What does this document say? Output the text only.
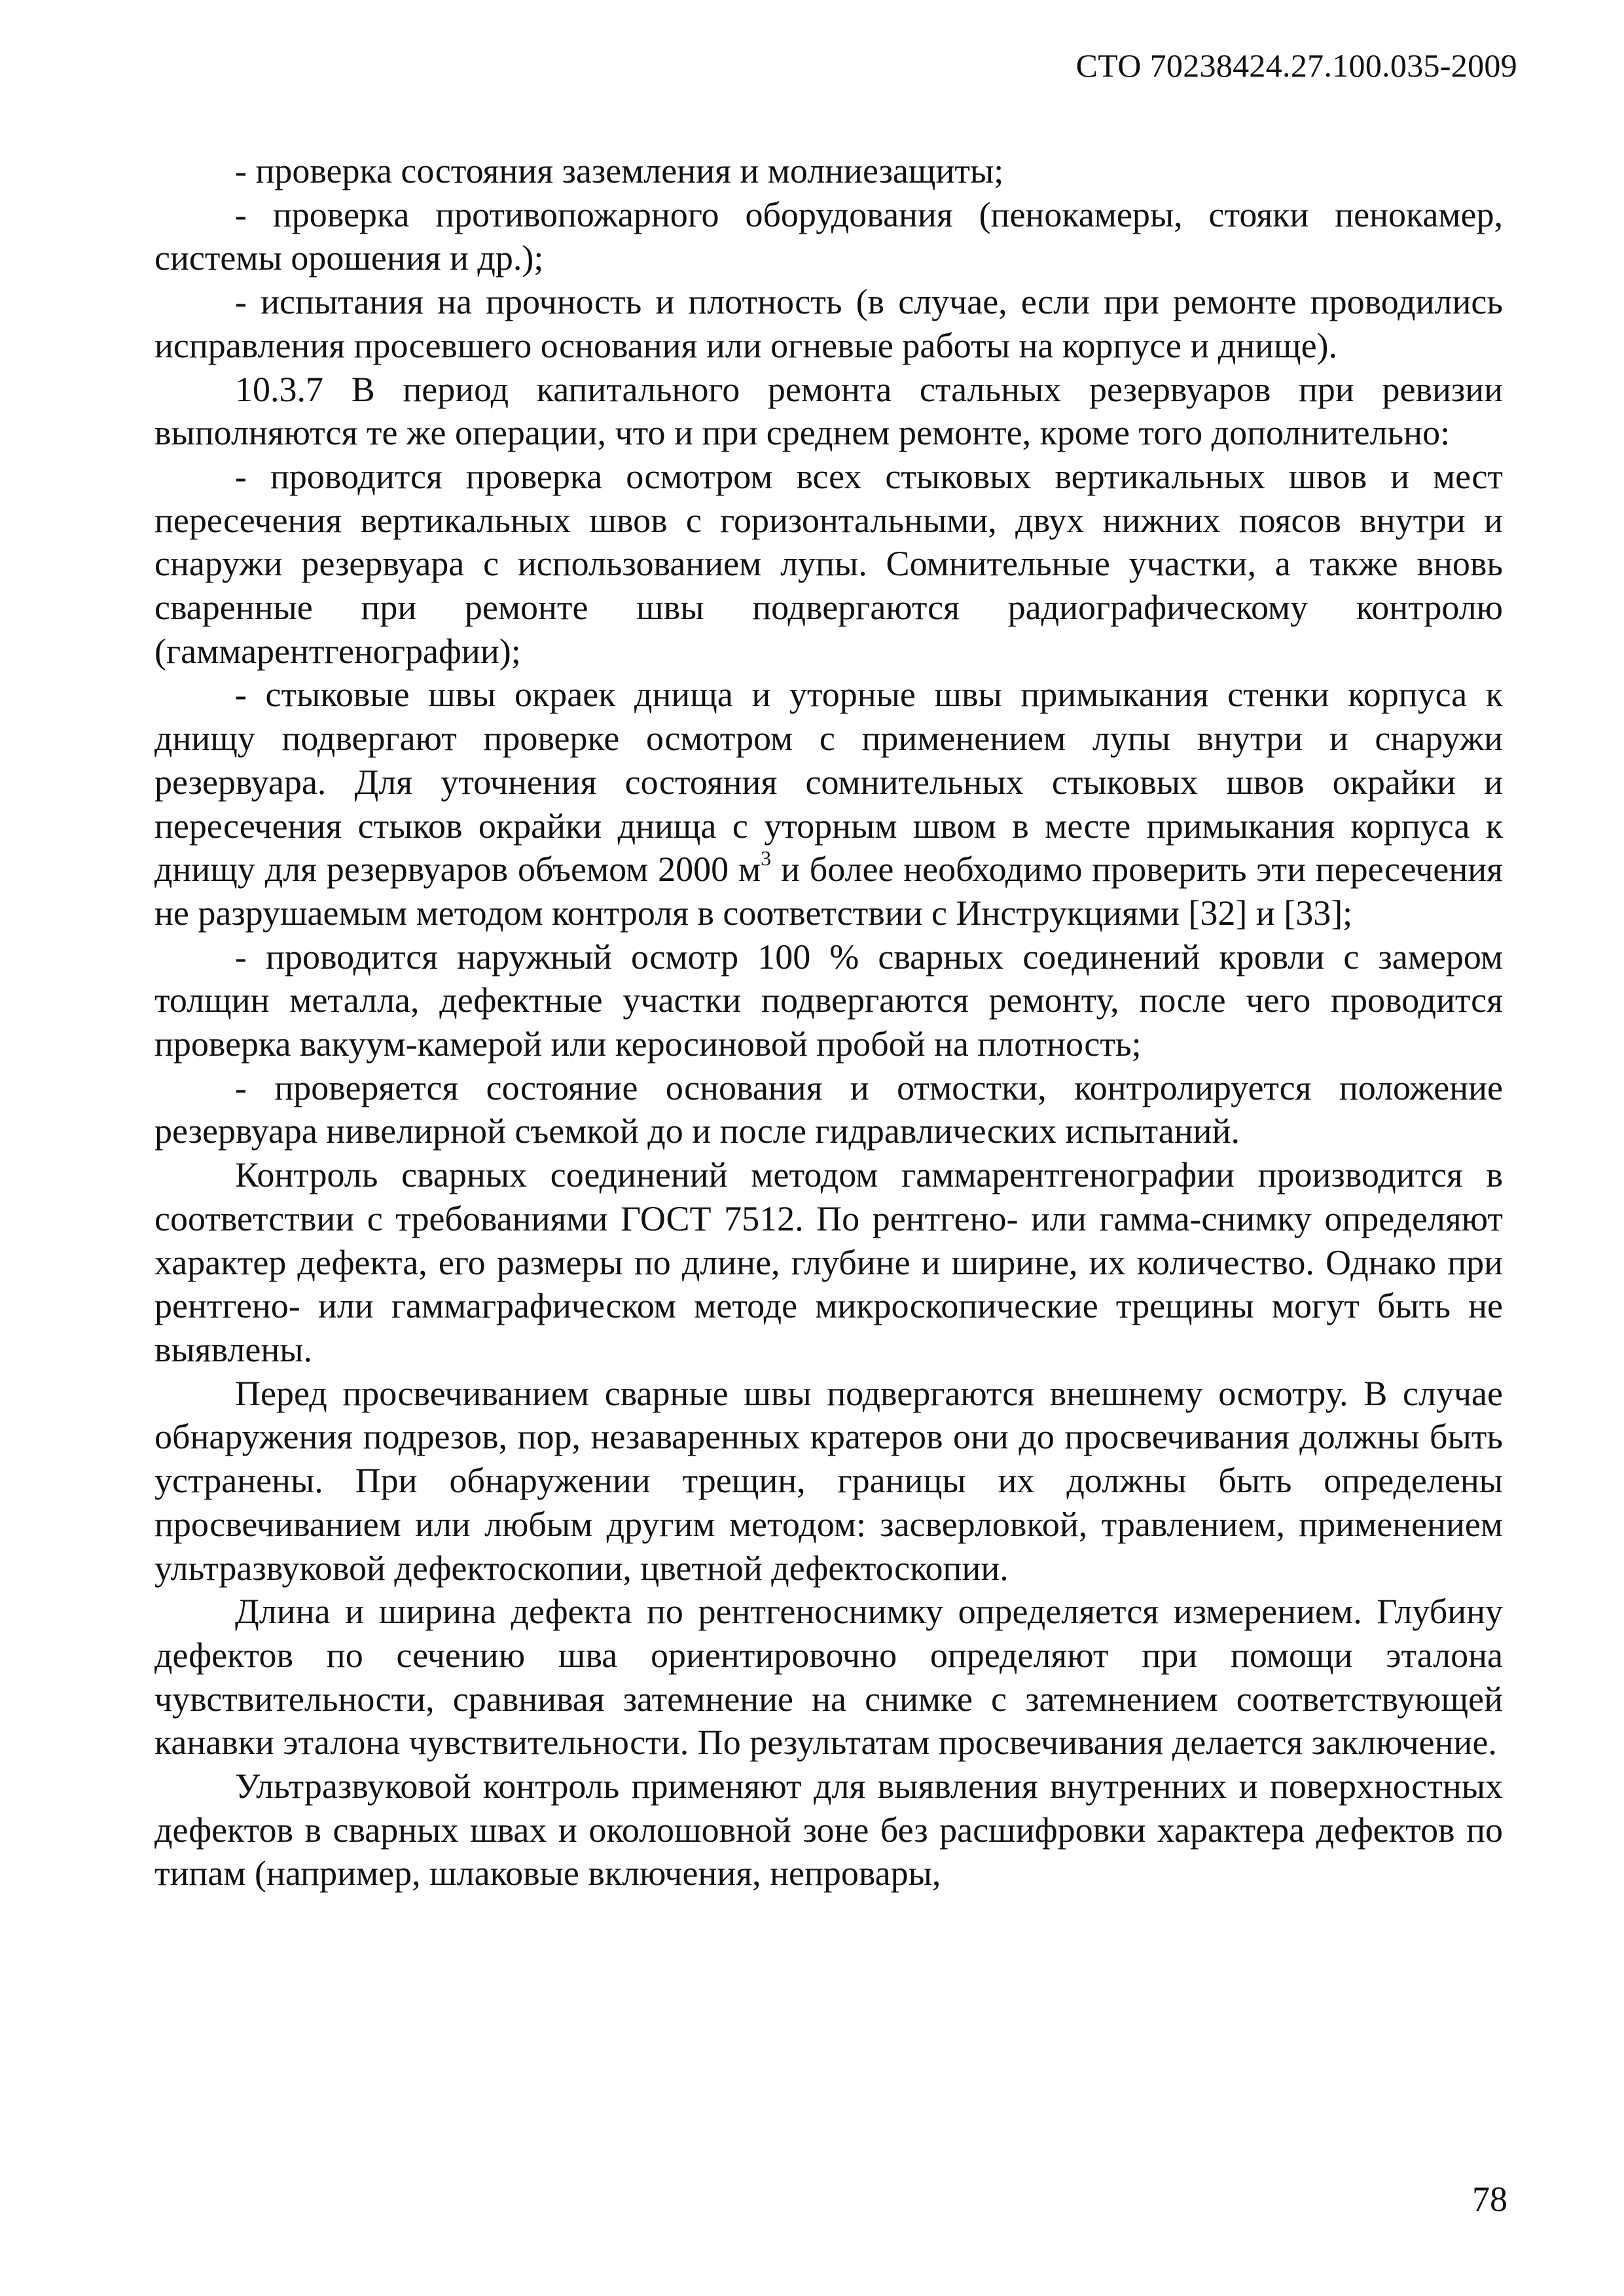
СТО 70238424.27.100.035-2009

- проверка состояния заземления и молниезащиты;

- проверка противопожарного оборудования (пенокамеры, стояки пенокамер, системы орошения и др.);

- испытания на прочность и плотность (в случае, если при ремонте проводились исправления просевшего основания или огневые работы на корпусе и днище).

10.3.7 В период капитального ремонта стальных резервуаров при ревизии выполняются те же операции, что и при среднем ремонте, кроме того дополнительно:

- проводится проверка осмотром всех стыковых вертикальных швов и мест пересечения вертикальных швов с горизонтальными, двух нижних поясов внутри и снаружи резервуара с использованием лупы. Сомнительные участки, а также вновь сваренные при ремонте швы подвергаются радиографическому контролю (гаммарентгенографии);

- стыковые швы окраек днища и уторные швы примыкания стенки корпуса к днищу подвергают проверке осмотром с применением лупы внутри и снаружи резервуара. Для уточнения состояния сомнительных стыковых швов окрайки и пересечения стыков окрайки днища с уторным швом в месте примыкания корпуса к днищу для резервуаров объемом 2000 $м^3$ и более необходимо проверить эти пересечения не разрушаемым методом контроля в соответствии с Инструкциями [32] и [33];

- проводится наружный осмотр 100 % сварных соединений кровли с замером толщин металла, дефектные участки подвергаются ремонту, после чего проводится проверка вакуум-камерой или керосиновой пробой на плотность;

- проверяется состояние основания и отмостки, контролируется положение резервуара нивелирной съемкой до и после гидравлических испытаний.

Контроль сварных соединений методом гаммарентгенографии производится в соответствии с требованиями ГОСТ 7512. По рентгено- или гамма-снимку определяют характер дефекта, его размеры по длине, глубине и ширине, их количество. Однако при рентгено- или гаммаграфическом методе микроскопические трещины могут быть не выявлены.

Перед просвечиванием сварные швы подвергаются внешнему осмотру. В случае обнаружения подрезов, пор, незаваренных кратеров они до просвечивания должны быть устранены. При обнаружении трещин, границы их должны быть определены просвечиванием или любым другим методом: засверловкой, травлением, применением ультразвуковой дефектоскопии, цветной дефектоскопии.

Длина и ширина дефекта по рентгеноснимку определяется измерением. Глубину дефектов по сечению шва ориентировочно определяют при помощи эталона чувствительности, сравнивая затемнение на снимке с затемнением соответствующей канавки эталона чувствительности. По результатам просвечивания делается заключение.

Ультразвуковой контроль применяют для выявления внутренних и поверхностных дефектов в сварных швах и околошовной зоне без расшифровки характера дефектов по типам (например, шлаковые включения, непровары,

78
